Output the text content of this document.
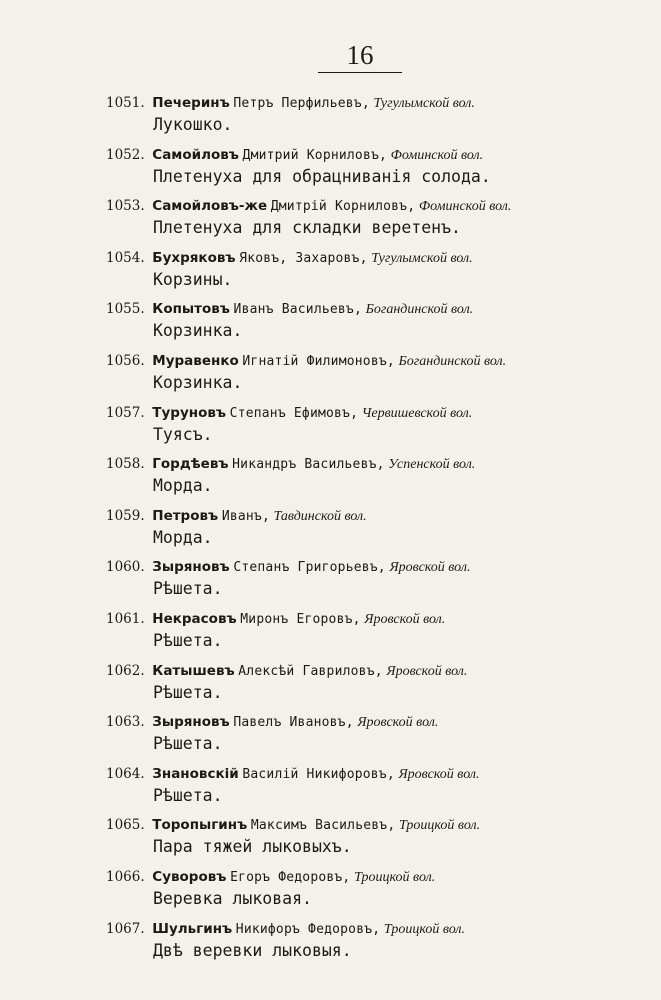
16
1051. Печеринъ Петръ Перфильевъ, Тугулымской вол.
Лукошко.
1052. Самойловъ Дмитрий Корниловъ, Фоминской вол.
Плетенуха для обрацниванія солода.
1053. Самойловъ-же Дмитрій Корниловъ, Фоминской вол.
Плетенуха для складки веретенъ.
1054. Бухряковъ Яковъ, Захаровъ, Тугулымской вол.
Корзины.
1055. Копытовъ Иванъ Васильевъ, Богандинской вол.
Корзинка.
1056. Муравенко Игнатій Филимоновъ, Богандинской вол.
Корзинка.
1057. Туруновъ Степанъ Ефимовъ, Червишевской вол.
Туясъ.
1058. Гордѣевъ Никандръ Васильевъ, Успенской вол.
Морда.
1059. Петровъ Иванъ, Тавдинской вол.
Морда.
1060. Зыряновъ Степанъ Григорьевъ, Яровской вол.
Рѣшета.
1061. Некрасовъ Миронъ Егоровъ, Яровской вол.
Рѣшета.
1062. Катышевъ Алексѣй Гавриловъ, Яровской вол.
Рѣшета.
1063. Зыряновъ Павелъ Ивановъ, Яровской вол.
Рѣшета.
1064. Знановскій Василій Никифоровъ, Яровской вол.
Рѣшета.
1065. Торопыгинъ Максимъ Васильевъ, Троицкой вол.
Пара тяжей лыковыхъ.
1066. Суворовъ Егоръ Федоровъ, Троицкой вол.
Веревка лыковая.
1067. Шульгинъ Никифоръ Федоровъ, Троицкой вол.
Двѣ веревки лыковыя.
